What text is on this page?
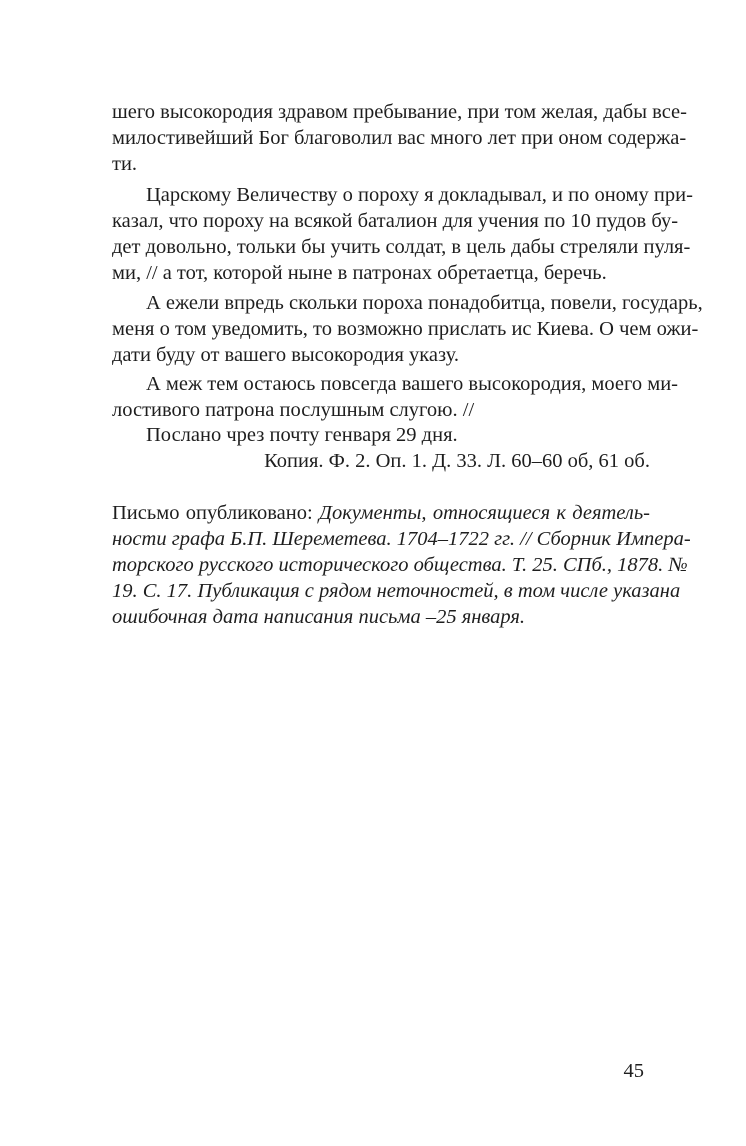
шего высокородия здравом пребывание, при том желая, дабы все-
милостивейший Бог благоволил вас много лет при оном содержа-
ти.
Царскому Величеству о пороху я докладывал, и по оному при-
казал, что пороху на всякой баталион для учения по 10 пудов бу-
дет довольно, тольки бы учить солдат, в цель дабы стреляли пуля-
ми, // а тот, которой ныне в патронах обретаетца, беречь.
А ежели впредь скольки пороха понадобитца, повели, государь,
меня о том уведомить, то возможно прислать ис Киева. О чем ожи-
дати буду от вашего высокородия указу.
А меж тем остаюсь повсегда вашего высокородия, моего ми-
лостивого патрона послушным слугою. //
Послано чрез почту генваря 29 дня.
Копия. Ф. 2. Оп. 1. Д. 33. Л. 60–60 об, 61 об.
Письмо опубликовано: Документы, относящиеся к деятель-
ности графа Б.П. Шереметева. 1704–1722 гг. // Сборник Импера-
торского русского исторического общества. Т. 25. СПб., 1878. №
19. С. 17. Публикация с рядом неточностей, в том числе указана
ошибочная дата написания письма –25 января.
45
